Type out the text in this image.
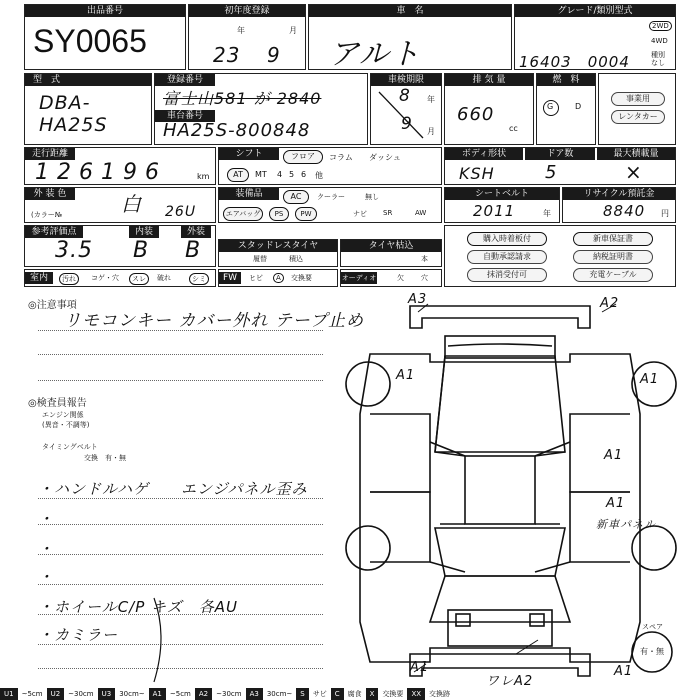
出品番号
SY0065
初年度登録
年	月
23 9
車　名
アルト
グレード/類別型式
16403　0004
2WD
4WD
種別なし
型　式
DBA-HA25S
登録番号
富士山581 が 2840
車台番号
HA25S-800848
車検期限
8 年
9 月
排 気 量
660
cc
燃　料
G	D
事業用
レンタカー
走行距離
126196	km
シフト	フロア	コラム ダッシュ
AT	MT 4 5 6 他
ボディ形状	ドア数	最大積載量
KSH	5	×
外 装 色	白
(カラー№	26U
装備品	AC	クーラー	無し
エアバッグ	PS	PW	ナビ SR	AW
シートベルト
2011	年
リサイクル預託金
8840 円
参考評価点	内装	外装
3.5 B B	スタッドレスタイヤ
履替	積込
タイヤ枯込
本
室内	汚れ	コゲ・穴	スレ	破れ	シミ	FW	ヒビ	A	交換要	オーディオ	欠 穴
購入時着板付	新車保証書
自動承認請求	納税証明書
抹消受付可	充電ケーブル
◎注意事項
リモコンキー カバー外れ テープ止め
◎検査員報告
エンジン関係
(異音・不調等)
タイミングベルト
交換　有・無
・ハンドルハゲ　　エンジパネル歪み
・
・
・
・ホイールC/P キズ　各AU
・カミラー
A3	A2
A1	A1
A1
A1
新車パネル
A1
ワレA2
A1
スペア
有・無
U1	~5cm	U2	~30cm	U3	30cm~	A1	~5cm	A2	~30cm	A3	30cm~	S	サビ	C	腐食	X	交換要	XX	交換跡
